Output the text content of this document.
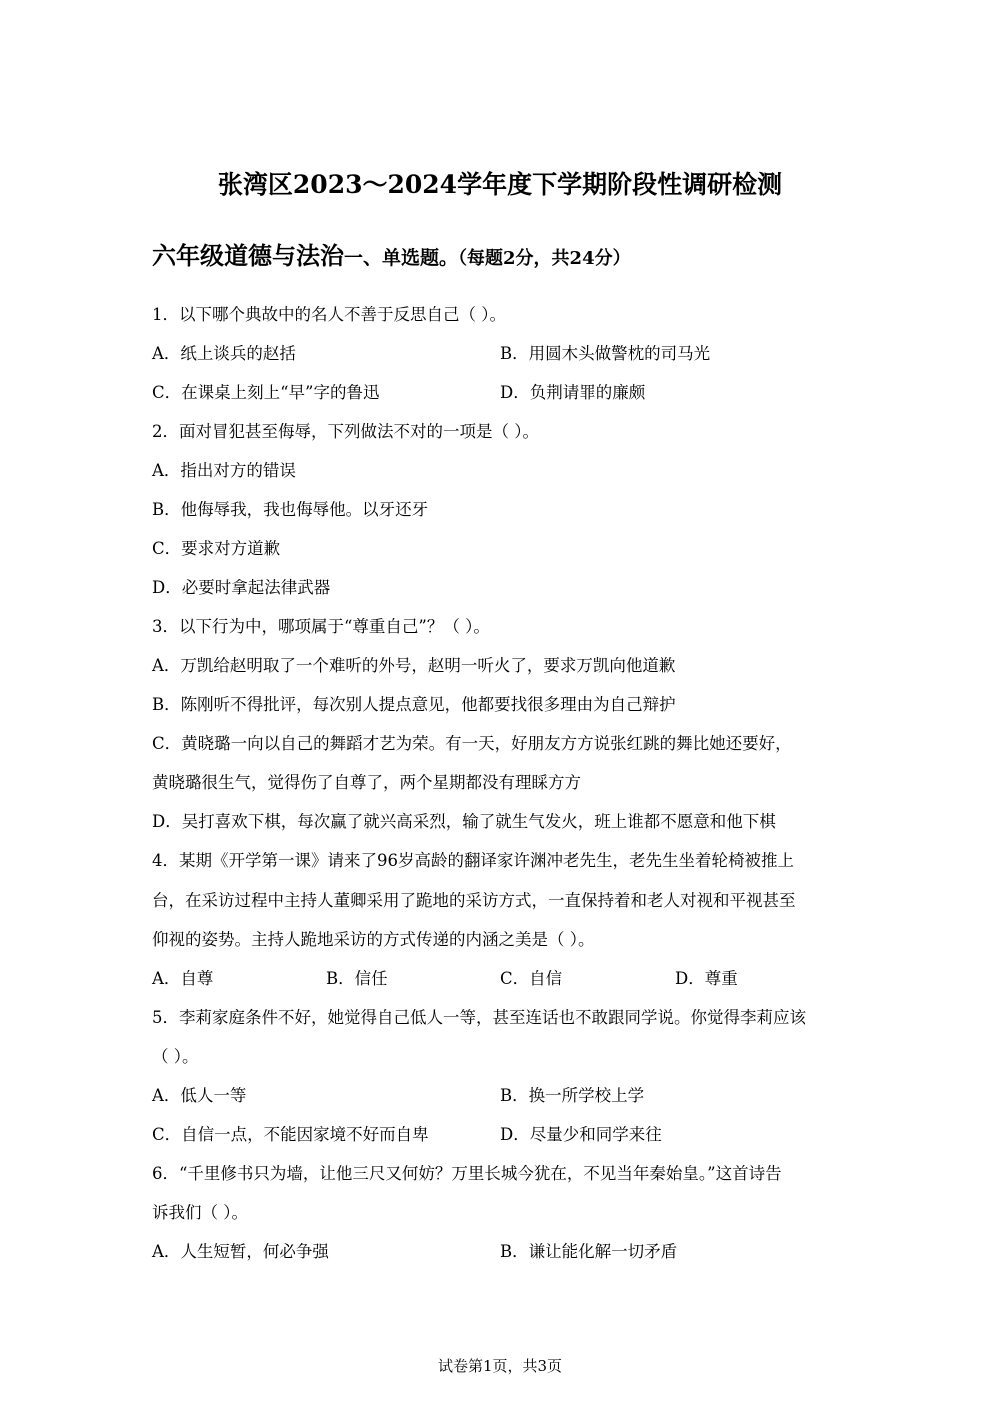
张湾区2023～2024学年度下学期阶段性调研检测
六年级道德与法治一、单选题。（每题2分，共24分）
1．以下哪个典故中的名人不善于反思自己（ ）。
A．纸上谈兵的赵括	B．用圆木头做警枕的司马光
C．在课桌上刻上“早”字的鲁迅	D．负荆请罪的廉颇
2．面对冒犯甚至侮辱，下列做法不对的一项是（ ）。
A．指出对方的错误
B．他侮辱我，我也侮辱他。以牙还牙
C．要求对方道歉
D．必要时拿起法律武器
3．以下行为中，哪项属于“尊重自己”？（ ）。
A．万凯给赵明取了一个难听的外号，赵明一听火了，要求万凯向他道歉
B．陈刚听不得批评，每次别人提点意见，他都要找很多理由为自己辩护
C．黄晓璐一向以自己的舞蹈才艺为荣。有一天，好朋友方方说张红跳的舞比她还要好，
黄晓璐很生气，觉得伤了自尊了，两个星期都没有理睬方方
D．吴打喜欢下棋，每次赢了就兴高采烈，输了就生气发火，班上谁都不愿意和他下棋
4．某期《开学第一课》请来了96岁高龄的翻译家许渊冲老先生，老先生坐着轮椅被推上
台，在采访过程中主持人董卿采用了跪地的采访方式，一直保持着和老人对视和平视甚至
仰视的姿势。主持人跪地采访的方式传递的内涵之美是（ ）。
A．自尊	B．信任	C．自信	D．尊重
5．李莉家庭条件不好，她觉得自己低人一等，甚至连话也不敢跟同学说。你觉得李莉应该
（ ）。
A．低人一等	B．换一所学校上学
C．自信一点，不能因家境不好而自卑	D．尽量少和同学来往
6．“千里修书只为墙，让他三尺又何妨？万里长城今犹在，不见当年秦始皇。”这首诗告
诉我们（ ）。
A．人生短暂，何必争强	B．谦让能化解一切矛盾
试卷第1页，共3页
